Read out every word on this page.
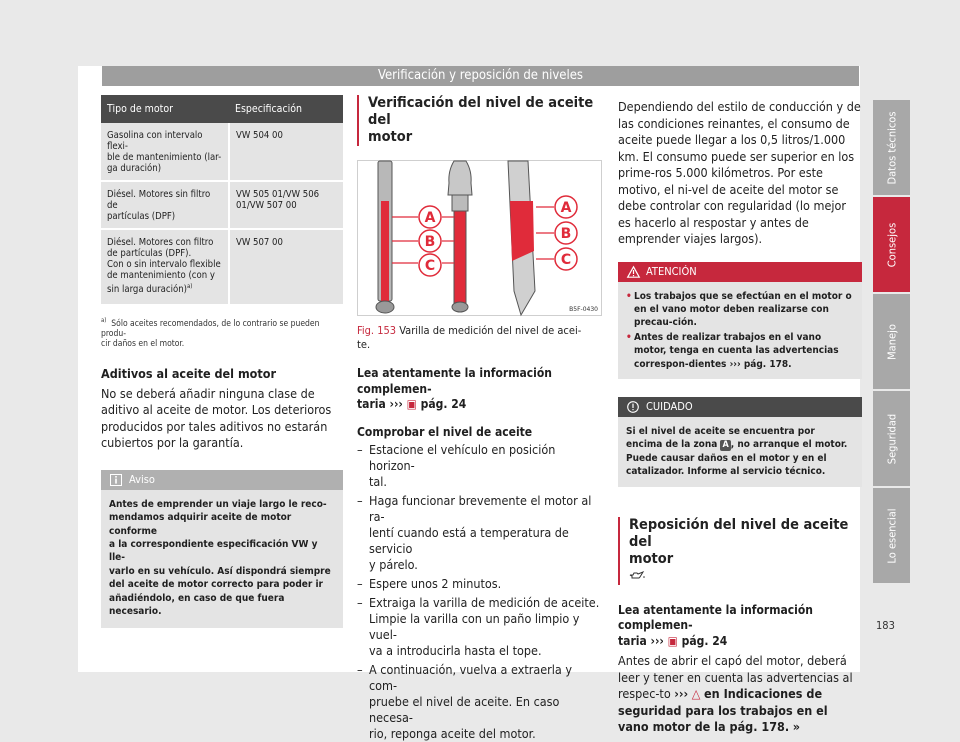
Verificación y reposición de niveles
Tipo de motor	Especificación
Gasolina con intervalo flexi-
ble de mantenimiento (lar-
ga duración)	VW 504 00
Diésel. Motores sin filtro de
partículas (DPF)	VW 505 01/VW 506
01/VW 507 00
Diésel. Motores con filtro
de partículas (DPF).
Con o sin intervalo flexible
de mantenimiento (con y
sin larga duración)$^{a)}$	VW 507 00
$^{a)}$ Sólo aceites recomendados, de lo contrario se pueden produ-
cir daños en el motor.
Aditivos al aceite del motor

No se deberá añadir ninguna clase de aditivo al aceite de motor. Los deterioros producidos por tales aditivos no estarán cubiertos por la garantía.

Aviso
Antes de emprender un viaje largo le reco-
mendamos adquirir aceite de motor conforme
a la correspondiente especificación VW y lle-
varlo en su vehículo. Así dispondrá siempre
del aceite de motor correcto para poder ir
añadiéndolo, en caso de que fuera necesario.
Verificación del nivel de aceite del
motor
A
B
C
A
B
C
B5F-0430
Fig. 153 Varilla de medición del nivel de acei-
te.
Lea atentamente la información complemen-
taria ››› ▣ pág. 24
Comprobar el nivel de aceite
– Estacione el vehículo en posición horizon-
tal.
– Haga funcionar brevemente el motor al ra-
lentí cuando está a temperatura de servicio
y párelo.
– Espere unos 2 minutos.
– Extraiga la varilla de medición de aceite.
Limpie la varilla con un paño limpio y vuel-
va a introducirla hasta el tope.
– A continuación, vuelva a extraerla y com-
pruebe el nivel de aceite. En caso necesa-
rio, reponga aceite del motor.

Dependiendo del estilo de conducción y de las condiciones reinantes, el consumo de aceite puede llegar a los 0,5 litros/1.000 km. El consumo puede ser superior en los prime-ros 5.000 kilómetros. Por este motivo, el ni-vel de aceite del motor se debe controlar con regularidad (lo mejor es hacerlo al respostar y antes de emprender viajes largos).

ATENCIÓN
• Los trabajos que se efectúan en el motor o en el vano motor deben realizarse con precau-ción.
• Antes de realizar trabajos en el vano motor, tenga en cuenta las advertencias correspon-dientes ››› pág. 178.
CUIDADO
Si el nivel de aceite se encuentra por encima de la zona A , no arranque el motor. Puede causar daños en el motor y en el catalizador. Informe al servicio técnico.
Reposición del nivel de aceite del
motor

Lea atentamente la información complemen-
taria ››› ▣ pág. 24

Antes de abrir el capó del motor, deberá leer y tener en cuenta las advertencias al respec-to ››› △ en Indicaciones de seguridad para los trabajos en el vano motor de la pág. 178. »

Datos técnicos
Consejos
Manejo
Seguridad
Lo esencial
183
